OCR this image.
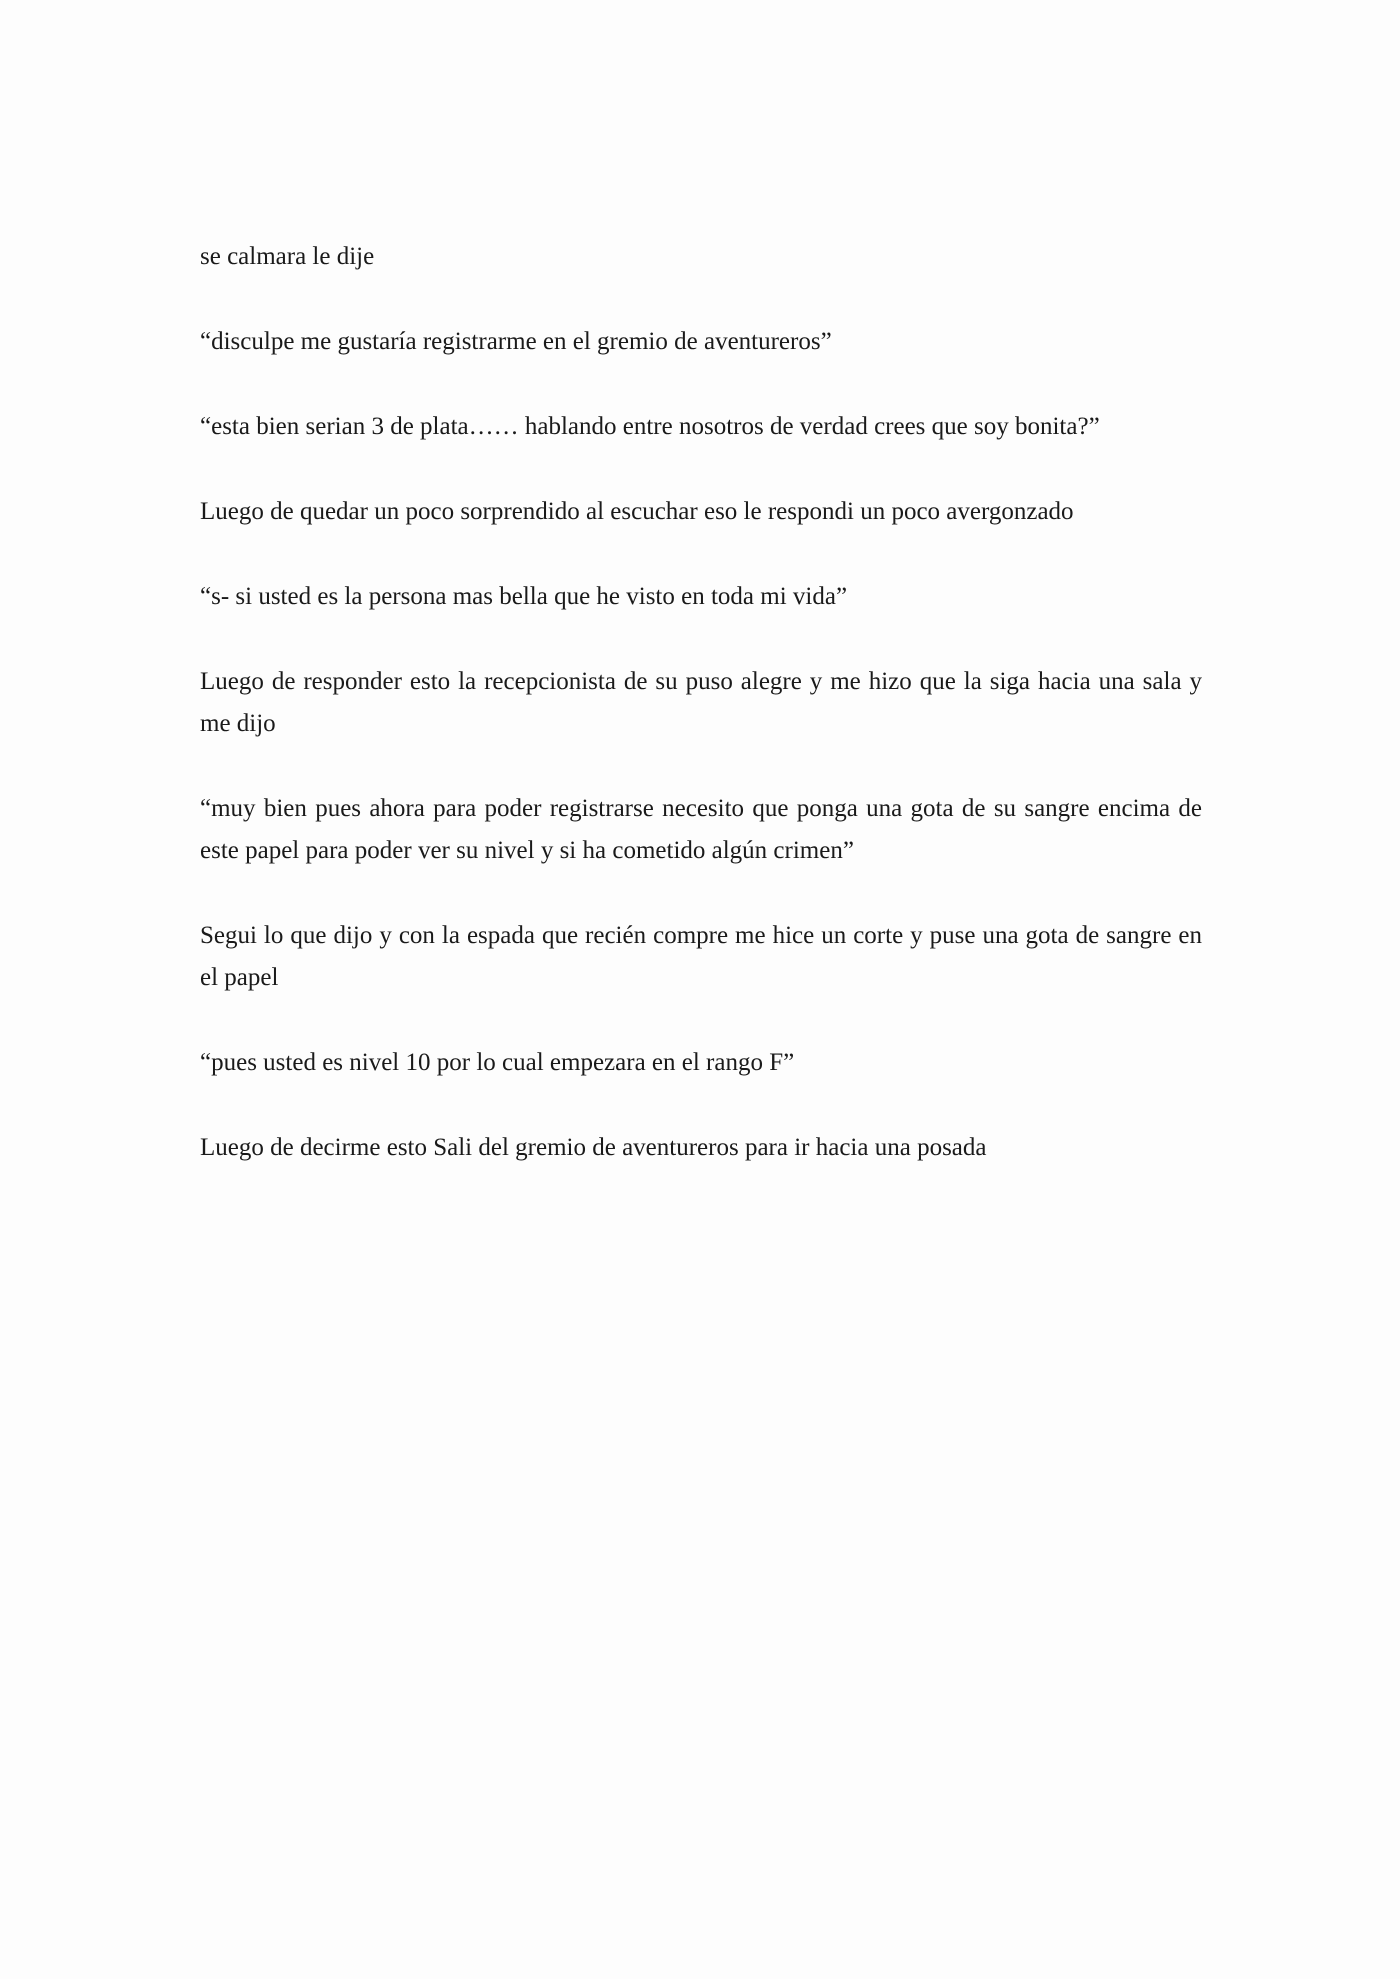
se calmara le dije

“disculpe me gustaría registrarme en el gremio de aventureros”

“esta bien serian 3 de plata…… hablando entre nosotros de verdad crees que soy bonita?”

Luego de quedar un poco sorprendido al escuchar eso le respondi un poco avergonzado

“s- si usted es la persona mas bella que he visto en toda mi vida”

Luego de responder esto la recepcionista de su puso alegre y me hizo que la siga hacia una sala y me dijo

“muy bien pues ahora para poder registrarse necesito que ponga una gota de su sangre encima de este papel para poder ver su nivel y si ha cometido algún crimen”

Segui lo que dijo y con la espada que recién compre me hice un corte y puse una gota de sangre en el papel

“pues usted es nivel 10 por lo cual empezara en el rango F”

Luego de decirme esto Sali del gremio de aventureros para ir hacia una posada
